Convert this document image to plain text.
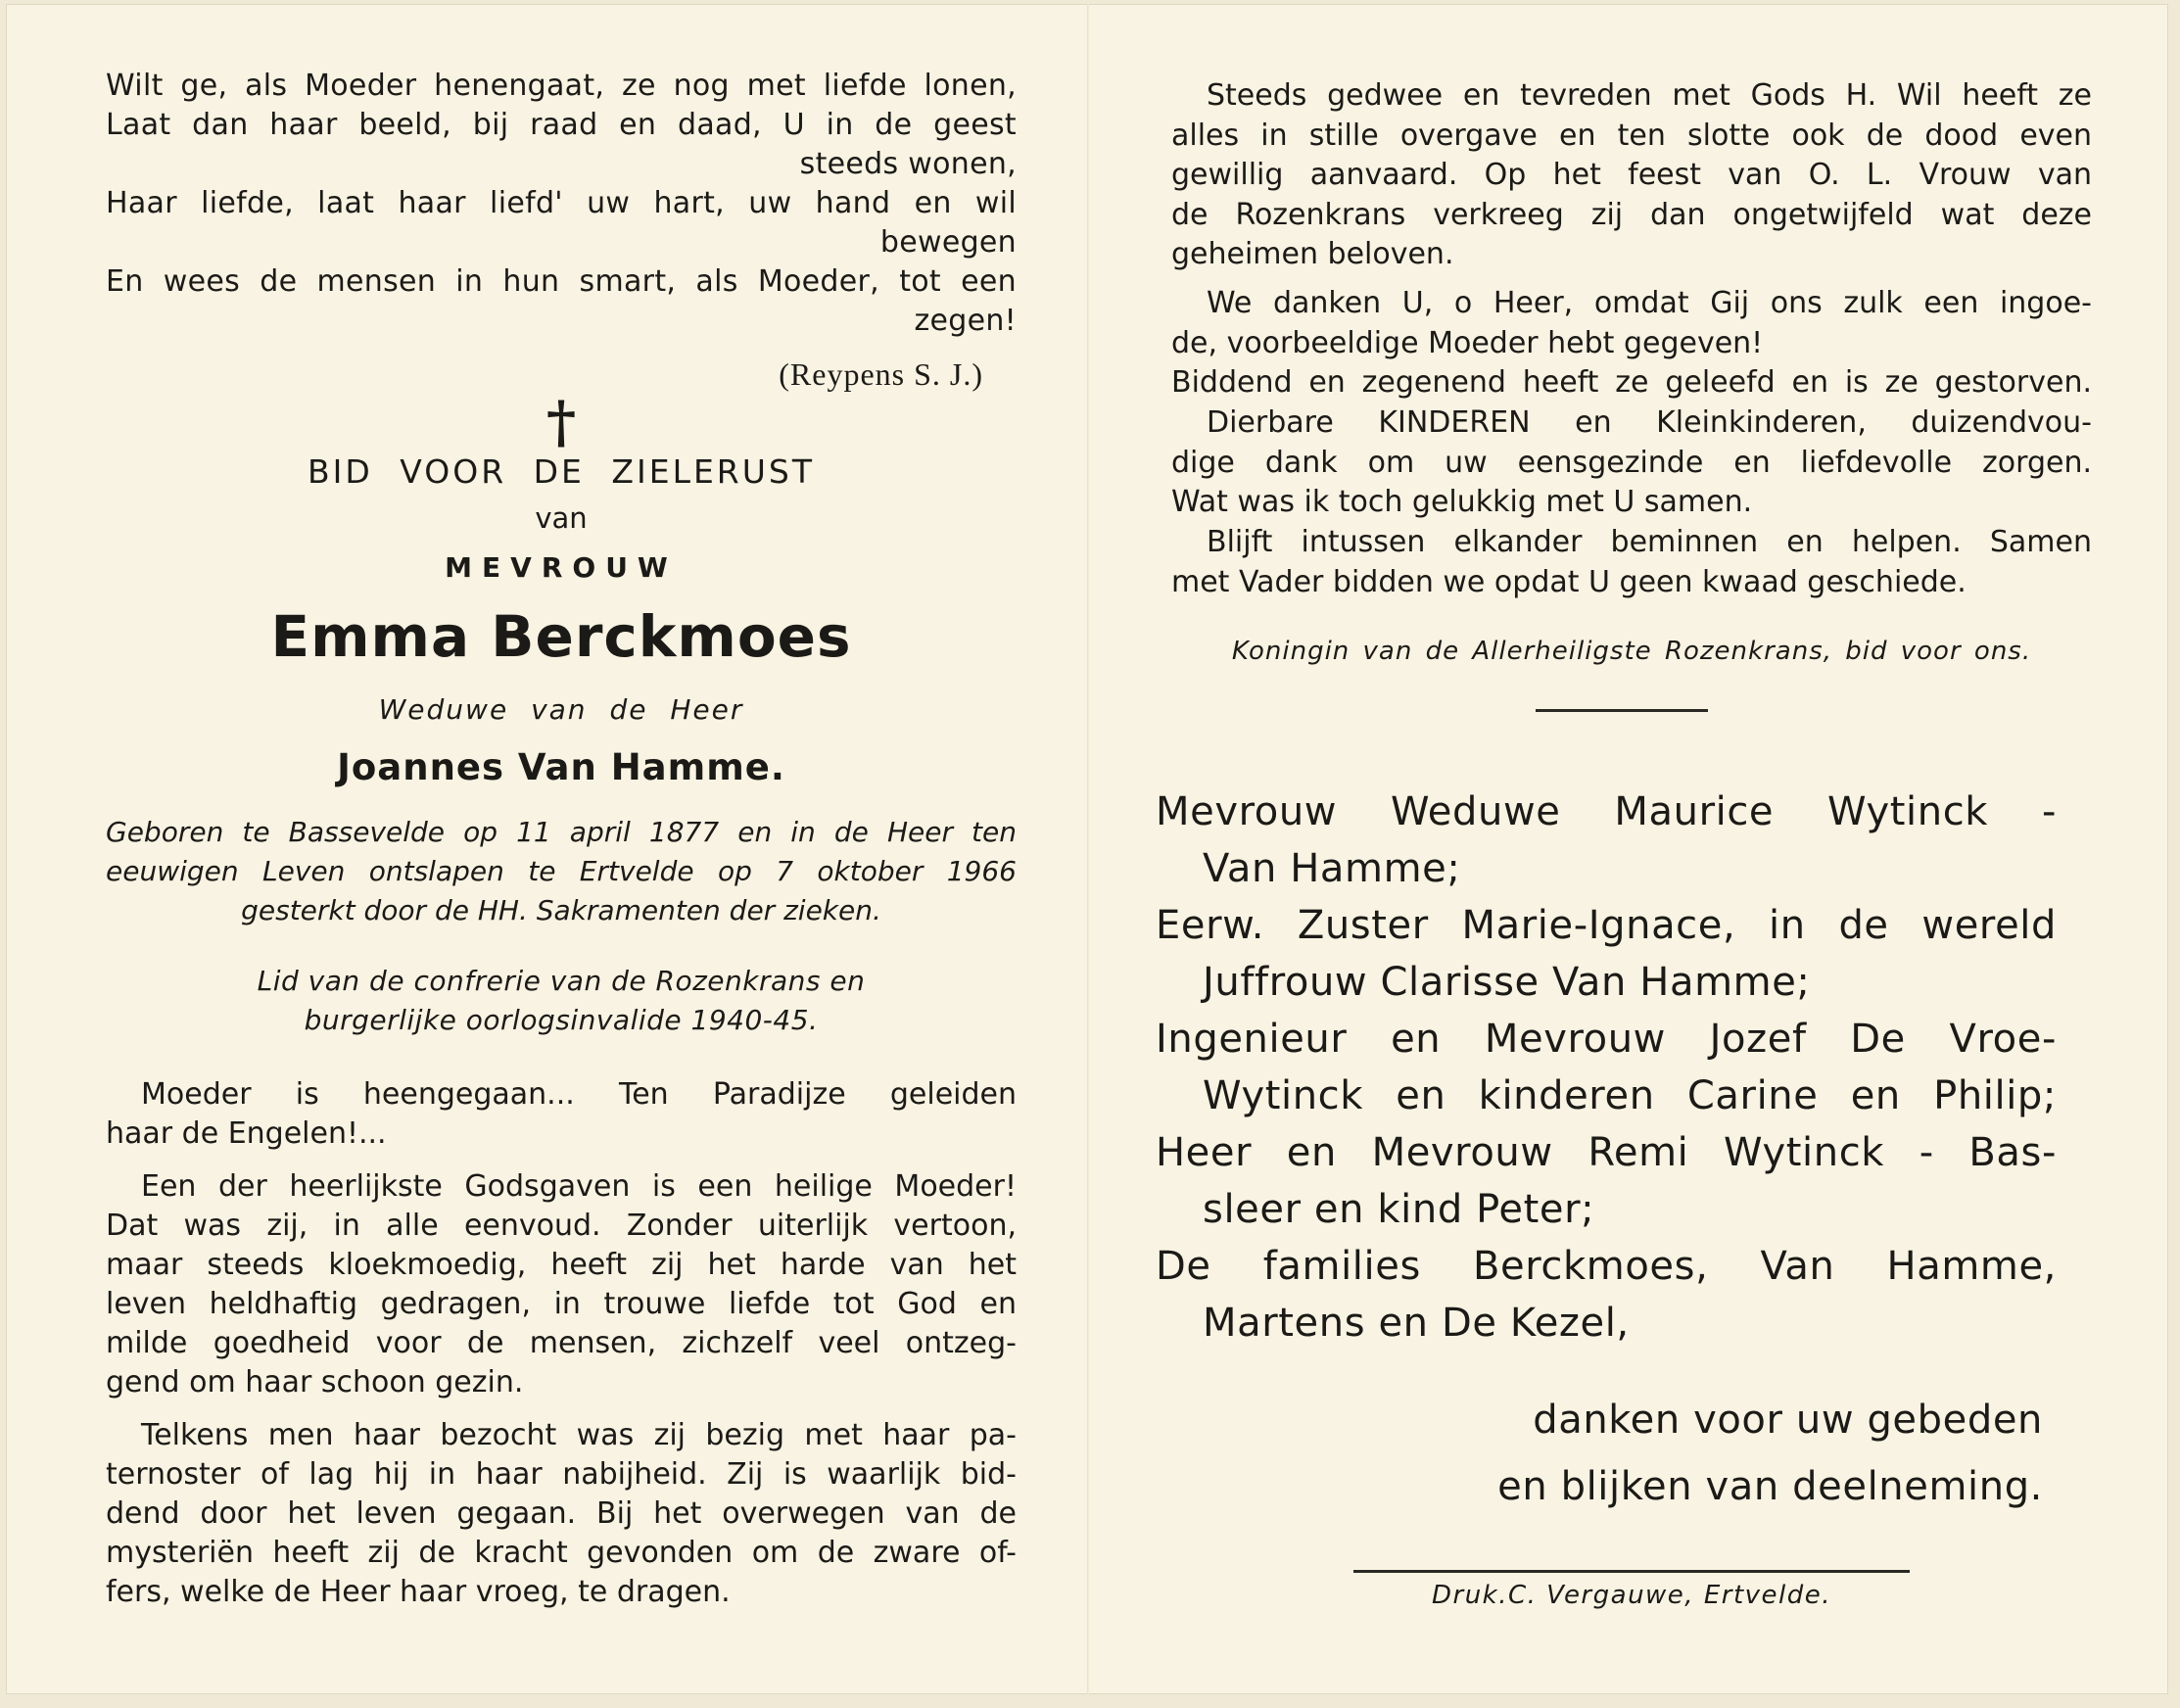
Wilt ge, als Moeder henengaat, ze nog met liefde lonen,
Laat dan haar beeld, bij raad en daad, U in de geest
steeds wonen,
Haar liefde, laat haar liefd' uw hart, uw hand en wil
bewegen
En wees de mensen in hun smart, als Moeder, tot een
zegen!
(Reypens S. J.)
†
BID VOOR DE ZIELERUST
van
MEVROUW
Emma Berckmoes
Weduwe van de Heer
Joannes Van Hamme.
Geboren te Bassevelde op 11 april 1877 en in de Heer ten
eeuwigen Leven ontslapen te Ertvelde op 7 oktober 1966
gesterkt door de HH. Sakramenten der zieken.
Lid van de confrerie van de Rozenkrans en
burgerlijke oorlogsinvalide 1940-45.
Moeder is heengegaan... Ten Paradijze geleiden
haar de Engelen!...
Een der heerlijkste Godsgaven is een heilige Moeder!
Dat was zij, in alle eenvoud. Zonder uiterlijk vertoon,
maar steeds kloekmoedig, heeft zij het harde van het
leven heldhaftig gedragen, in trouwe liefde tot God en
milde goedheid voor de mensen, zichzelf veel ontzeg-
gend om haar schoon gezin.
Telkens men haar bezocht was zij bezig met haar pa-
ternoster of lag hij in haar nabijheid. Zij is waarlijk bid-
dend door het leven gegaan. Bij het overwegen van de
mysteriën heeft zij de kracht gevonden om de zware of-
fers, welke de Heer haar vroeg, te dragen.
Steeds gedwee en tevreden met Gods H. Wil heeft ze
alles in stille overgave en ten slotte ook de dood even
gewillig aanvaard. Op het feest van O. L. Vrouw van
de Rozenkrans verkreeg zij dan ongetwijfeld wat deze
geheimen beloven.
We danken U, o Heer, omdat Gij ons zulk een ingoe-
de, voorbeeldige Moeder hebt gegeven!
Biddend en zegenend heeft ze geleefd en is ze gestorven.
Dierbare KINDEREN en Kleinkinderen, duizendvou-
dige dank om uw eensgezinde en liefdevolle zorgen.
Wat was ik toch gelukkig met U samen.
Blijft intussen elkander beminnen en helpen. Samen
met Vader bidden we opdat U geen kwaad geschiede.
Koningin van de Allerheiligste Rozenkrans, bid voor ons.
Mevrouw Weduwe Maurice Wytinck -
Van Hamme;
Eerw. Zuster Marie-Ignace, in de wereld
Juffrouw Clarisse Van Hamme;
Ingenieur en Mevrouw Jozef De Vroe-
Wytinck en kinderen Carine en Philip;
Heer en Mevrouw Remi Wytinck - Bas-
sleer en kind Peter;
De families Berckmoes, Van Hamme,
Martens en De Kezel,
danken voor uw gebeden
en blijken van deelneming.
Druk.C. Vergauwe, Ertvelde.
